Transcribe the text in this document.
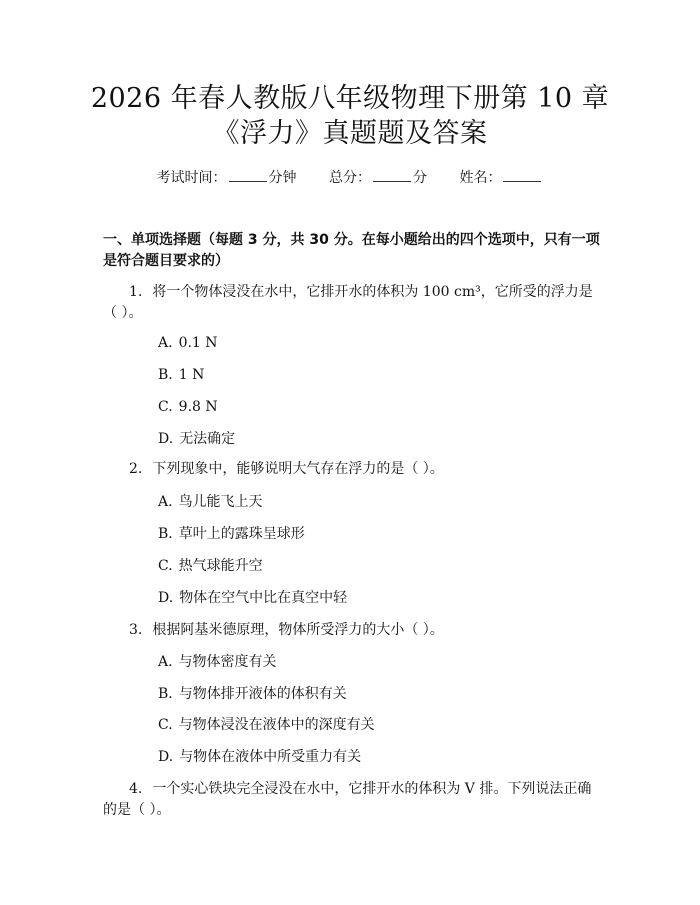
2026 年春人教版八年级物理下册第 10 章
《浮力》真题题及答案
考试时间：	分钟 总分：	分 姓名：
一、单项选择题（每题 3 分，共 30 分。在每小题给出的四个选项中，只有一项是符合题目要求的）
1. 将一个物体浸没在水中，它排开水的体积为 100 cm³，它所受的浮力是（ ）。
A. 0.1 N
B. 1 N
C. 9.8 N
D. 无法确定
2. 下列现象中，能够说明大气存在浮力的是（ ）。
A. 鸟儿能飞上天
B. 草叶上的露珠呈球形
C. 热气球能升空
D. 物体在空气中比在真空中轻
3. 根据阿基米德原理，物体所受浮力的大小（ ）。
A. 与物体密度有关
B. 与物体排开液体的体积有关
C. 与物体浸没在液体中的深度有关
D. 与物体在液体中所受重力有关
4. 一个实心铁块完全浸没在水中，它排开水的体积为 V 排。下列说法正确的是（ ）。
